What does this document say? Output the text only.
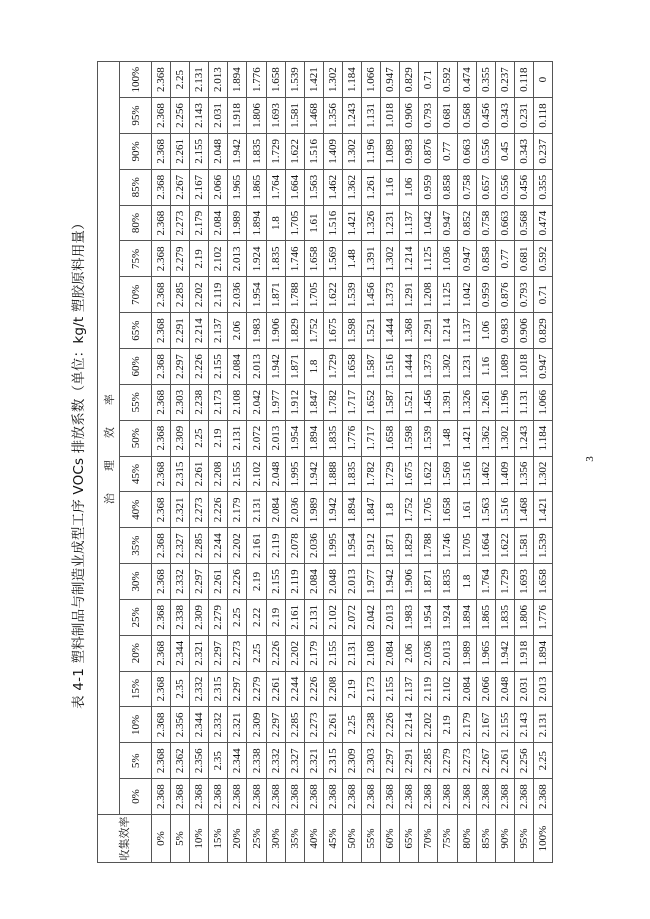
表 4-1 塑料制品与制造业成型工序 VOCs 排放系数（单位：kg/t 塑胶原料用量）
收集效率	治理效率																				
	0%	5%	10%	15%	20%	25%	30%	35%	40%	45%	50%	55%	60%	65%	70%	75%	80%	85%	90%	95%	100%
0%	2.368	2.368	2.368	2.368	2.368	2.368	2.368	2.368	2.368	2.368	2.368	2.368	2.368	2.368	2.368	2.368	2.368	2.368	2.368	2.368	2.368
5%	2.368	2.362	2.356	2.35	2.344	2.338	2.332	2.327	2.321	2.315	2.309	2.303	2.297	2.291	2.285	2.279	2.273	2.267	2.261	2.256	2.25
10%	2.368	2.356	2.344	2.332	2.321	2.309	2.297	2.285	2.273	2.261	2.25	2.238	2.226	2.214	2.202	2.19	2.179	2.167	2.155	2.143	2.131
15%	2.368	2.35	2.332	2.315	2.297	2.279	2.261	2.244	2.226	2.208	2.19	2.173	2.155	2.137	2.119	2.102	2.084	2.066	2.048	2.031	2.013
20%	2.368	2.344	2.321	2.297	2.273	2.25	2.226	2.202	2.179	2.155	2.131	2.108	2.084	2.06	2.036	2.013	1.989	1.965	1.942	1.918	1.894
25%	2.368	2.338	2.309	2.279	2.25	2.22	2.19	2.161	2.131	2.102	2.072	2.042	2.013	1.983	1.954	1.924	1.894	1.865	1.835	1.806	1.776
30%	2.368	2.332	2.297	2.261	2.226	2.19	2.155	2.119	2.084	2.048	2.013	1.977	1.942	1.906	1.871	1.835	1.8	1.764	1.729	1.693	1.658
35%	2.368	2.327	2.285	2.244	2.202	2.161	2.119	2.078	2.036	1.995	1.954	1.912	1.871	1.829	1.788	1.746	1.705	1.664	1.622	1.581	1.539
40%	2.368	2.321	2.273	2.226	2.179	2.131	2.084	2.036	1.989	1.942	1.894	1.847	1.8	1.752	1.705	1.658	1.61	1.563	1.516	1.468	1.421
45%	2.368	2.315	2.261	2.208	2.155	2.102	2.048	1.995	1.942	1.888	1.835	1.782	1.729	1.675	1.622	1.569	1.516	1.462	1.409	1.356	1.302
50%	2.368	2.309	2.25	2.19	2.131	2.072	2.013	1.954	1.894	1.835	1.776	1.717	1.658	1.598	1.539	1.48	1.421	1.362	1.302	1.243	1.184
55%	2.368	2.303	2.238	2.173	2.108	2.042	1.977	1.912	1.847	1.782	1.717	1.652	1.587	1.521	1.456	1.391	1.326	1.261	1.196	1.131	1.066
60%	2.368	2.297	2.226	2.155	2.084	2.013	1.942	1.871	1.8	1.729	1.658	1.587	1.516	1.444	1.373	1.302	1.231	1.16	1.089	1.018	0.947
65%	2.368	2.291	2.214	2.137	2.06	1.983	1.906	1.829	1.752	1.675	1.598	1.521	1.444	1.368	1.291	1.214	1.137	1.06	0.983	0.906	0.829
70%	2.368	2.285	2.202	2.119	2.036	1.954	1.871	1.788	1.705	1.622	1.539	1.456	1.373	1.291	1.208	1.125	1.042	0.959	0.876	0.793	0.71
75%	2.368	2.279	2.19	2.102	2.013	1.924	1.835	1.746	1.658	1.569	1.48	1.391	1.302	1.214	1.125	1.036	0.947	0.858	0.77	0.681	0.592
80%	2.368	2.273	2.179	2.084	1.989	1.894	1.8	1.705	1.61	1.516	1.421	1.326	1.231	1.137	1.042	0.947	0.852	0.758	0.663	0.568	0.474
85%	2.368	2.267	2.167	2.066	1.965	1.865	1.764	1.664	1.563	1.462	1.362	1.261	1.16	1.06	0.959	0.858	0.758	0.657	0.556	0.456	0.355
90%	2.368	2.261	2.155	2.048	1.942	1.835	1.729	1.622	1.516	1.409	1.302	1.196	1.089	0.983	0.876	0.77	0.663	0.556	0.45	0.343	0.237
95%	2.368	2.256	2.143	2.031	1.918	1.806	1.693	1.581	1.468	1.356	1.243	1.131	1.018	0.906	0.793	0.681	0.568	0.456	0.343	0.231	0.118
100%	2.368	2.25	2.131	2.013	1.894	1.776	1.658	1.539	1.421	1.302	1.184	1.066	0.947	0.829	0.71	0.592	0.474	0.355	0.237	0.118	0
3
